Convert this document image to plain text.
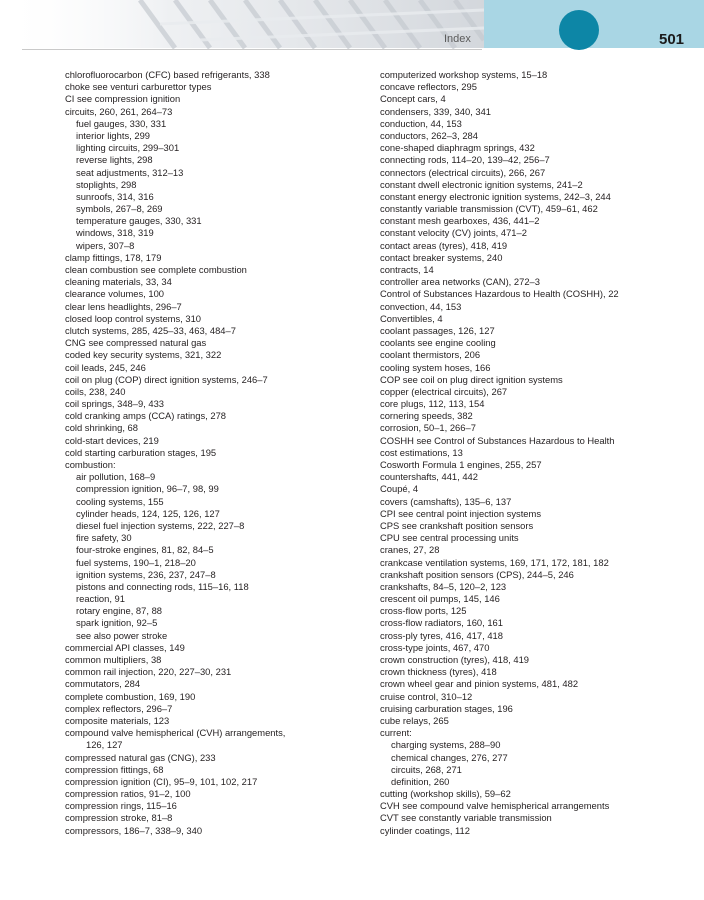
Index	501

chlorofluorocarbon (CFC) based refrigerants, 338

choke see venturi carburettor types

CI see compression ignition

circuits, 260, 261, 264–73

fuel gauges, 330, 331

interior lights, 299

lighting circuits, 299–301

reverse lights, 298

seat adjustments, 312–13

stoplights, 298

sunroofs, 314, 316

symbols, 267–8, 269

temperature gauges, 330, 331

windows, 318, 319

wipers, 307–8

clamp fittings, 178, 179

clean combustion see complete combustion

cleaning materials, 33, 34

clearance volumes, 100

clear lens headlights, 296–7

closed loop control systems, 310

clutch systems, 285, 425–33, 463, 484–7

CNG see compressed natural gas

coded key security systems, 321, 322

coil leads, 245, 246

coil on plug (COP) direct ignition systems, 246–7

coils, 238, 240

coil springs, 348–9, 433

cold cranking amps (CCA) ratings, 278

cold shrinking, 68

cold-start devices, 219

cold starting carburation stages, 195

combustion:

air pollution, 168–9

compression ignition, 96–7, 98, 99

cooling systems, 155

cylinder heads, 124, 125, 126, 127

diesel fuel injection systems, 222, 227–8

fire safety, 30

four-stroke engines, 81, 82, 84–5

fuel systems, 190–1, 218–20

ignition systems, 236, 237, 247–8

pistons and connecting rods, 115–16, 118

reaction, 91

rotary engine, 87, 88

spark ignition, 92–5

see also power stroke

commercial API classes, 149

common multipliers, 38

common rail injection, 220, 227–30, 231

commutators, 284

complete combustion, 169, 190

complex reflectors, 296–7

composite materials, 123

compound valve hemispherical (CVH) arrangements,

126, 127

compressed natural gas (CNG), 233

compression fittings, 68

compression ignition (CI), 95–9, 101, 102, 217

compression ratios, 91–2, 100

compression rings, 115–16

compression stroke, 81–8

compressors, 186–7, 338–9, 340

computerized workshop systems, 15–18

concave reflectors, 295

Concept cars, 4

condensers, 339, 340, 341

conduction, 44, 153

conductors, 262–3, 284

cone-shaped diaphragm springs, 432

connecting rods, 114–20, 139–42, 256–7

connectors (electrical circuits), 266, 267

constant dwell electronic ignition systems, 241–2

constant energy electronic ignition systems, 242–3, 244

constantly variable transmission (CVT), 459–61, 462

constant mesh gearboxes, 436, 441–2

constant velocity (CV) joints, 471–2

contact areas (tyres), 418, 419

contact breaker systems, 240

contracts, 14

controller area networks (CAN), 272–3

Control of Substances Hazardous to Health (COSHH), 22

convection, 44, 153

Convertibles, 4

coolant passages, 126, 127

coolants see engine cooling

coolant thermistors, 206

cooling system hoses, 166

COP see coil on plug direct ignition systems

copper (electrical circuits), 267

core plugs, 112, 113, 154

cornering speeds, 382

corrosion, 50–1, 266–7

COSHH see Control of Substances Hazardous to Health

cost estimations, 13

Cosworth Formula 1 engines, 255, 257

countershafts, 441, 442

Coupé, 4

covers (camshafts), 135–6, 137

CPI see central point injection systems

CPS see crankshaft position sensors

CPU see central processing units

cranes, 27, 28

crankcase ventilation systems, 169, 171, 172, 181, 182

crankshaft position sensors (CPS), 244–5, 246

crankshafts, 84–5, 120–2, 123

crescent oil pumps, 145, 146

cross-flow ports, 125

cross-flow radiators, 160, 161

cross-ply tyres, 416, 417, 418

cross-type joints, 467, 470

crown construction (tyres), 418, 419

crown thickness (tyres), 418

crown wheel gear and pinion systems, 481, 482

cruise control, 310–12

cruising carburation stages, 196

cube relays, 265

current:

charging systems, 288–90

chemical changes, 276, 277

circuits, 268, 271

definition, 260

cutting (workshop skills), 59–62

CVH see compound valve hemispherical arrangements

CVT see constantly variable transmission

cylinder coatings, 112
